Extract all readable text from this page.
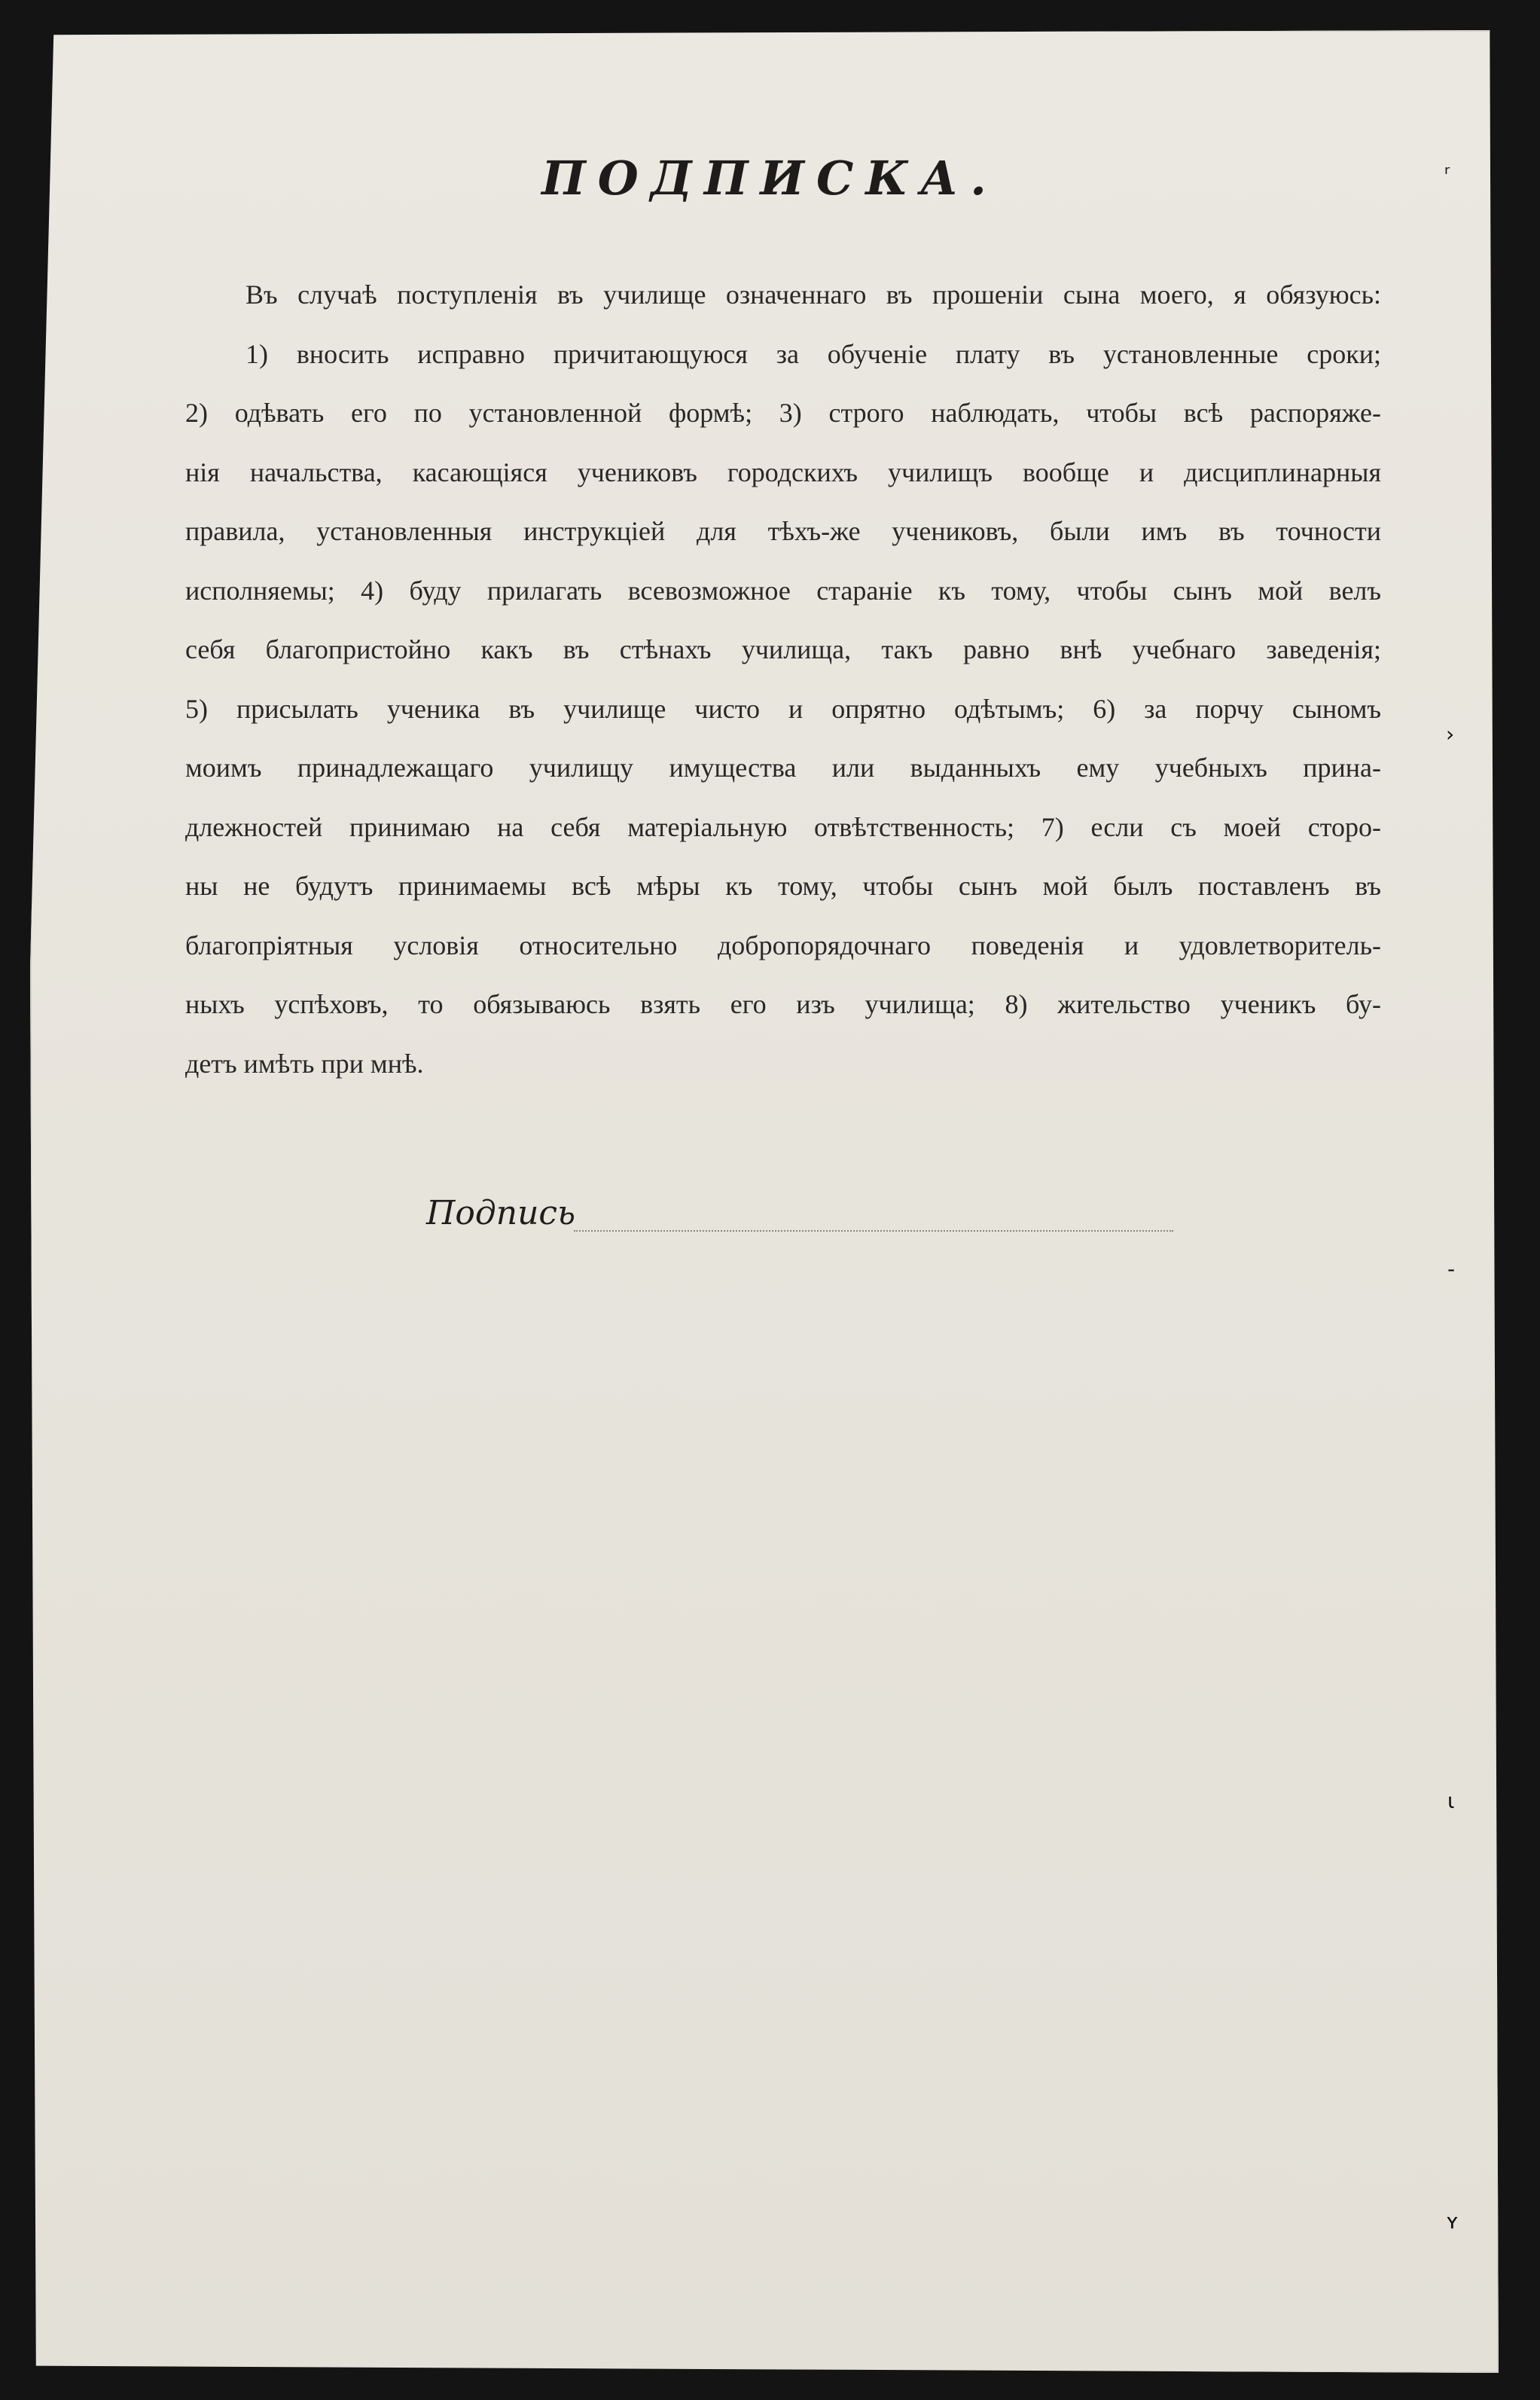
ПОДПИСКА.
Въ случаѣ поступленія въ училище означеннаго въ прошеніи сына моего, я обязуюсь:
1) вносить исправно причитающуюся за обученіе плату въ установленные сроки;
2) одѣвать его по установленной формѣ; 3) строго наблюдать, чтобы всѣ распоряже-
нія начальства, касающіяся учениковъ городскихъ училищъ вообще и дисциплинарныя
правила, установленныя инструкціей для тѣхъ-же учениковъ, были имъ въ точности
исполняемы; 4) буду прилагать всевозможное стараніе къ тому, чтобы сынъ мой велъ
себя благопристойно какъ въ стѣнахъ училища, такъ равно внѣ учебнаго заведенія;
5) присылать ученика въ училище чисто и опрятно одѣтымъ; 6) за порчу сыномъ
моимъ принадлежащаго училищу имущества или выданныхъ ему учебныхъ прина-
длежностей принимаю на себя матеріальную отвѣтственность; 7) если съ моей сторо-
ны не будутъ принимаемы всѣ мѣры къ тому, чтобы сынъ мой былъ поставленъ въ
благопріятныя условія относительно добропорядочнаго поведенія и удовлетворитель-
ныхъ успѣховъ, то обязываюсь взять его изъ училища; 8) жительство ученикъ бу-
детъ имѣть при мнѣ.
Подпись
ʳ
›
‐
ɩ
ʏ
